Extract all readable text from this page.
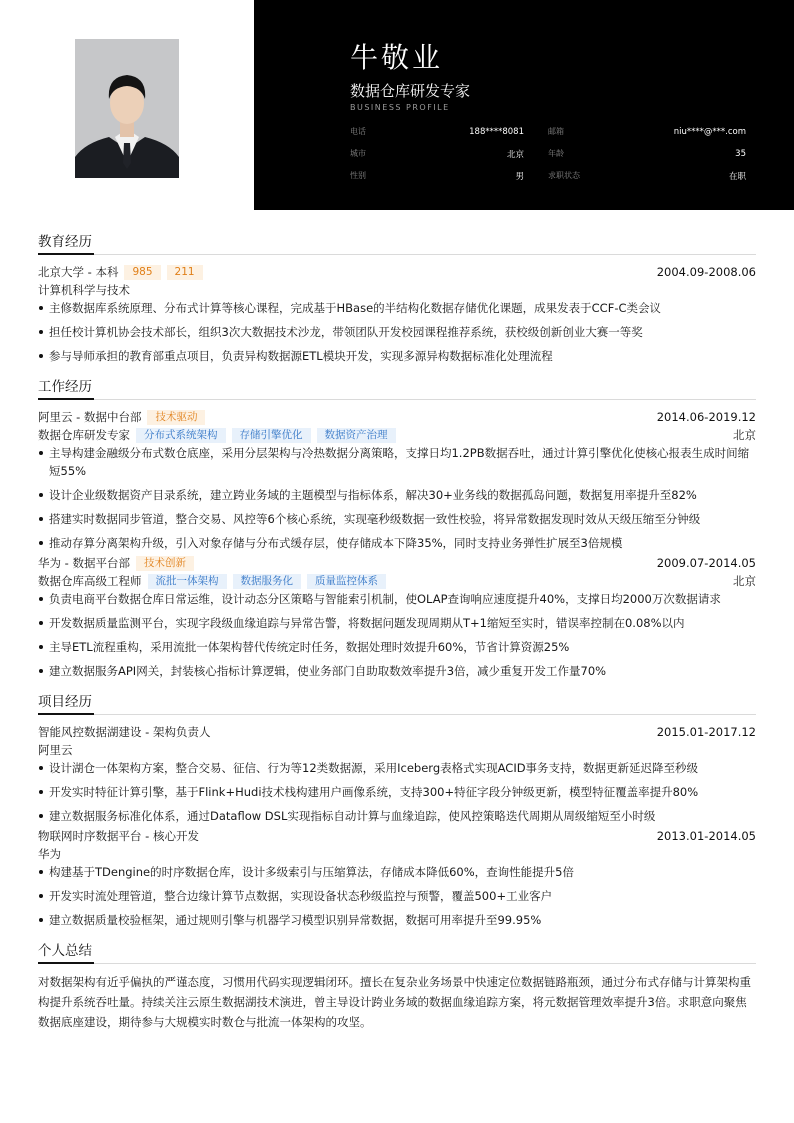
牛敬业
数据仓库研发专家
BUSINESS PROFILE
电话	188****8081	邮箱	niu****@***.com
城市	北京	年龄	35
性别	男	求职状态	在职
教育经历
北京大学 - 本科	985	211	2004.09-2008.06
计算机科学与技术
主修数据库系统原理、分布式计算等核心课程，完成基于HBase的半结构化数据存储优化课题，成果发表于CCF-C类会议
担任校计算机协会技术部长，组织3次大数据技术沙龙，带领团队开发校园课程推荐系统，获校级创新创业大赛一等奖
参与导师承担的教育部重点项目，负责异构数据源ETL模块开发，实现多源异构数据标准化处理流程
工作经历
阿里云 - 数据中台部	技术驱动	2014.06-2019.12
数据仓库研发专家	分布式系统架构	存储引擎优化	数据资产治理	北京
主导构建金融级分布式数仓底座，采用分层架构与冷热数据分离策略，支撑日均1.2PB数据吞吐，通过计算引擎优化使核心报表生成时间缩短55%
设计企业级数据资产目录系统，建立跨业务域的主题模型与指标体系，解决30+业务线的数据孤岛问题，数据复用率提升至82%
搭建实时数据同步管道，整合交易、风控等6个核心系统，实现毫秒级数据一致性校验，将异常数据发现时效从天级压缩至分钟级
推动存算分离架构升级，引入对象存储与分布式缓存层，使存储成本下降35%，同时支持业务弹性扩展至3倍规模
华为 - 数据平台部	技术创新	2009.07-2014.05
数据仓库高级工程师	流批一体架构	数据服务化	质量监控体系	北京
负责电商平台数据仓库日常运维，设计动态分区策略与智能索引机制，使OLAP查询响应速度提升40%，支撑日均2000万次数据请求
开发数据质量监测平台，实现字段级血缘追踪与异常告警，将数据问题发现周期从T+1缩短至实时，错误率控制在0.08%以内
主导ETL流程重构，采用流批一体架构替代传统定时任务，数据处理时效提升60%，节省计算资源25%
建立数据服务API网关，封装核心指标计算逻辑，使业务部门自助取数效率提升3倍，减少重复开发工作量70%
项目经历
智能风控数据湖建设 - 架构负责人	2015.01-2017.12
阿里云
设计湖仓一体架构方案，整合交易、征信、行为等12类数据源，采用Iceberg表格式实现ACID事务支持，数据更新延迟降至秒级
开发实时特征计算引擎，基于Flink+Hudi技术栈构建用户画像系统，支持300+特征字段分钟级更新，模型特征覆盖率提升80%
建立数据服务标准化体系，通过Dataflow DSL实现指标自动计算与血缘追踪，使风控策略迭代周期从周级缩短至小时级
物联网时序数据平台 - 核心开发	2013.01-2014.05
华为
构建基于TDengine的时序数据仓库，设计多级索引与压缩算法，存储成本降低60%，查询性能提升5倍
开发实时流处理管道，整合边缘计算节点数据，实现设备状态秒级监控与预警，覆盖500+工业客户
建立数据质量校验框架，通过规则引擎与机器学习模型识别异常数据，数据可用率提升至99.95%
个人总结

对数据架构有近乎偏执的严谨态度，习惯用代码实现逻辑闭环。擅长在复杂业务场景中快速定位数据链路瓶颈，通过分布式存储与计算架构重构提升系统吞吐量。持续关注云原生数据湖技术演进，曾主导设计跨业务域的数据血缘追踪方案，将元数据管理效率提升3倍。求职意向聚焦数据底座建设，期待参与大规模实时数仓与批流一体架构的攻坚。
